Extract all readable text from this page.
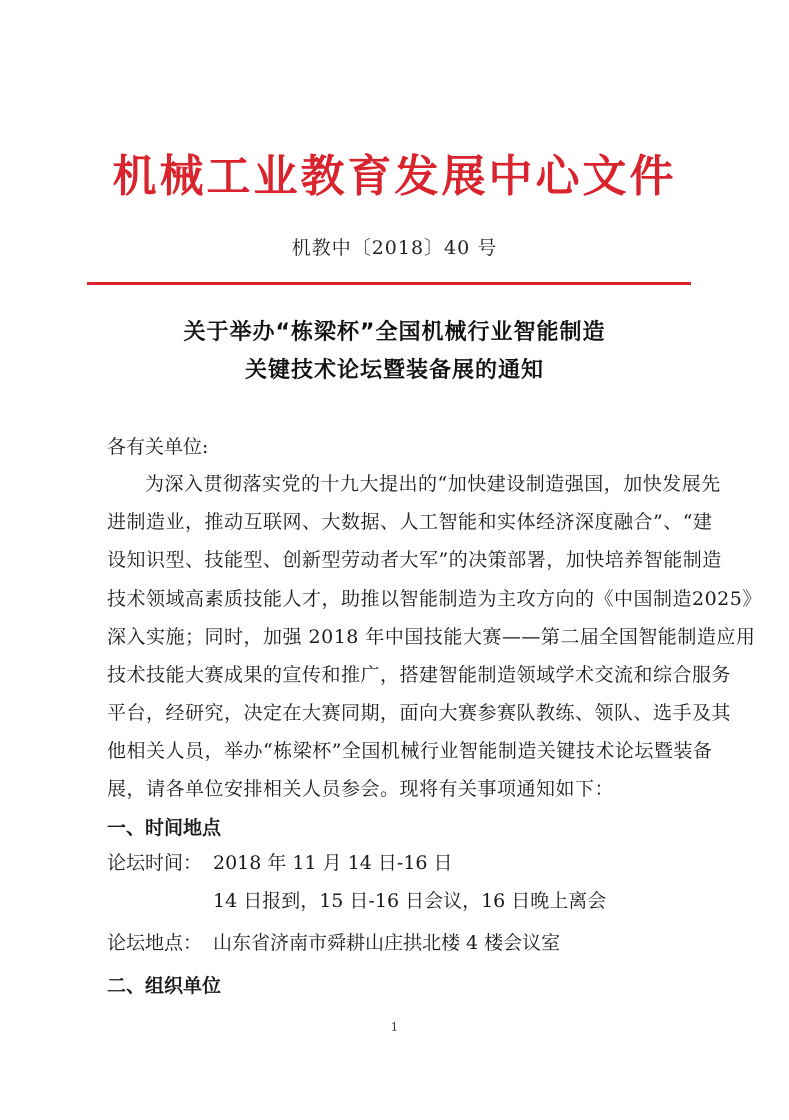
机械工业教育发展中心文件
机教中〔2018〕40 号
关于举办“栋梁杯”全国机械行业智能制造
关键技术论坛暨装备展的通知
各有关单位:
为深入贯彻落实党的十九大提出的“加快建设制造强国，加快发展先
进制造业，推动互联网、大数据、人工智能和实体经济深度融合”、“建
设知识型、技能型、创新型劳动者大军”的决策部署，加快培养智能制造
技术领域高素质技能人才，助推以智能制造为主攻方向的《中国制造2025》
深入实施；同时，加强 2018 年中国技能大赛——第二届全国智能制造应用
技术技能大赛成果的宣传和推广，搭建智能制造领域学术交流和综合服务
平台，经研究，决定在大赛同期，面向大赛参赛队教练、领队、选手及其
他相关人员，举办“栋梁杯”全国机械行业智能制造关键技术论坛暨装备
展，请各单位安排相关人员参会。现将有关事项通知如下：
一、时间地点
论坛时间： 2018 年 11 月 14 日-16 日
14 日报到，15 日-16 日会议，16 日晚上离会
论坛地点： 山东省济南市舜耕山庄拱北楼 4 楼会议室
二、组织单位
1
